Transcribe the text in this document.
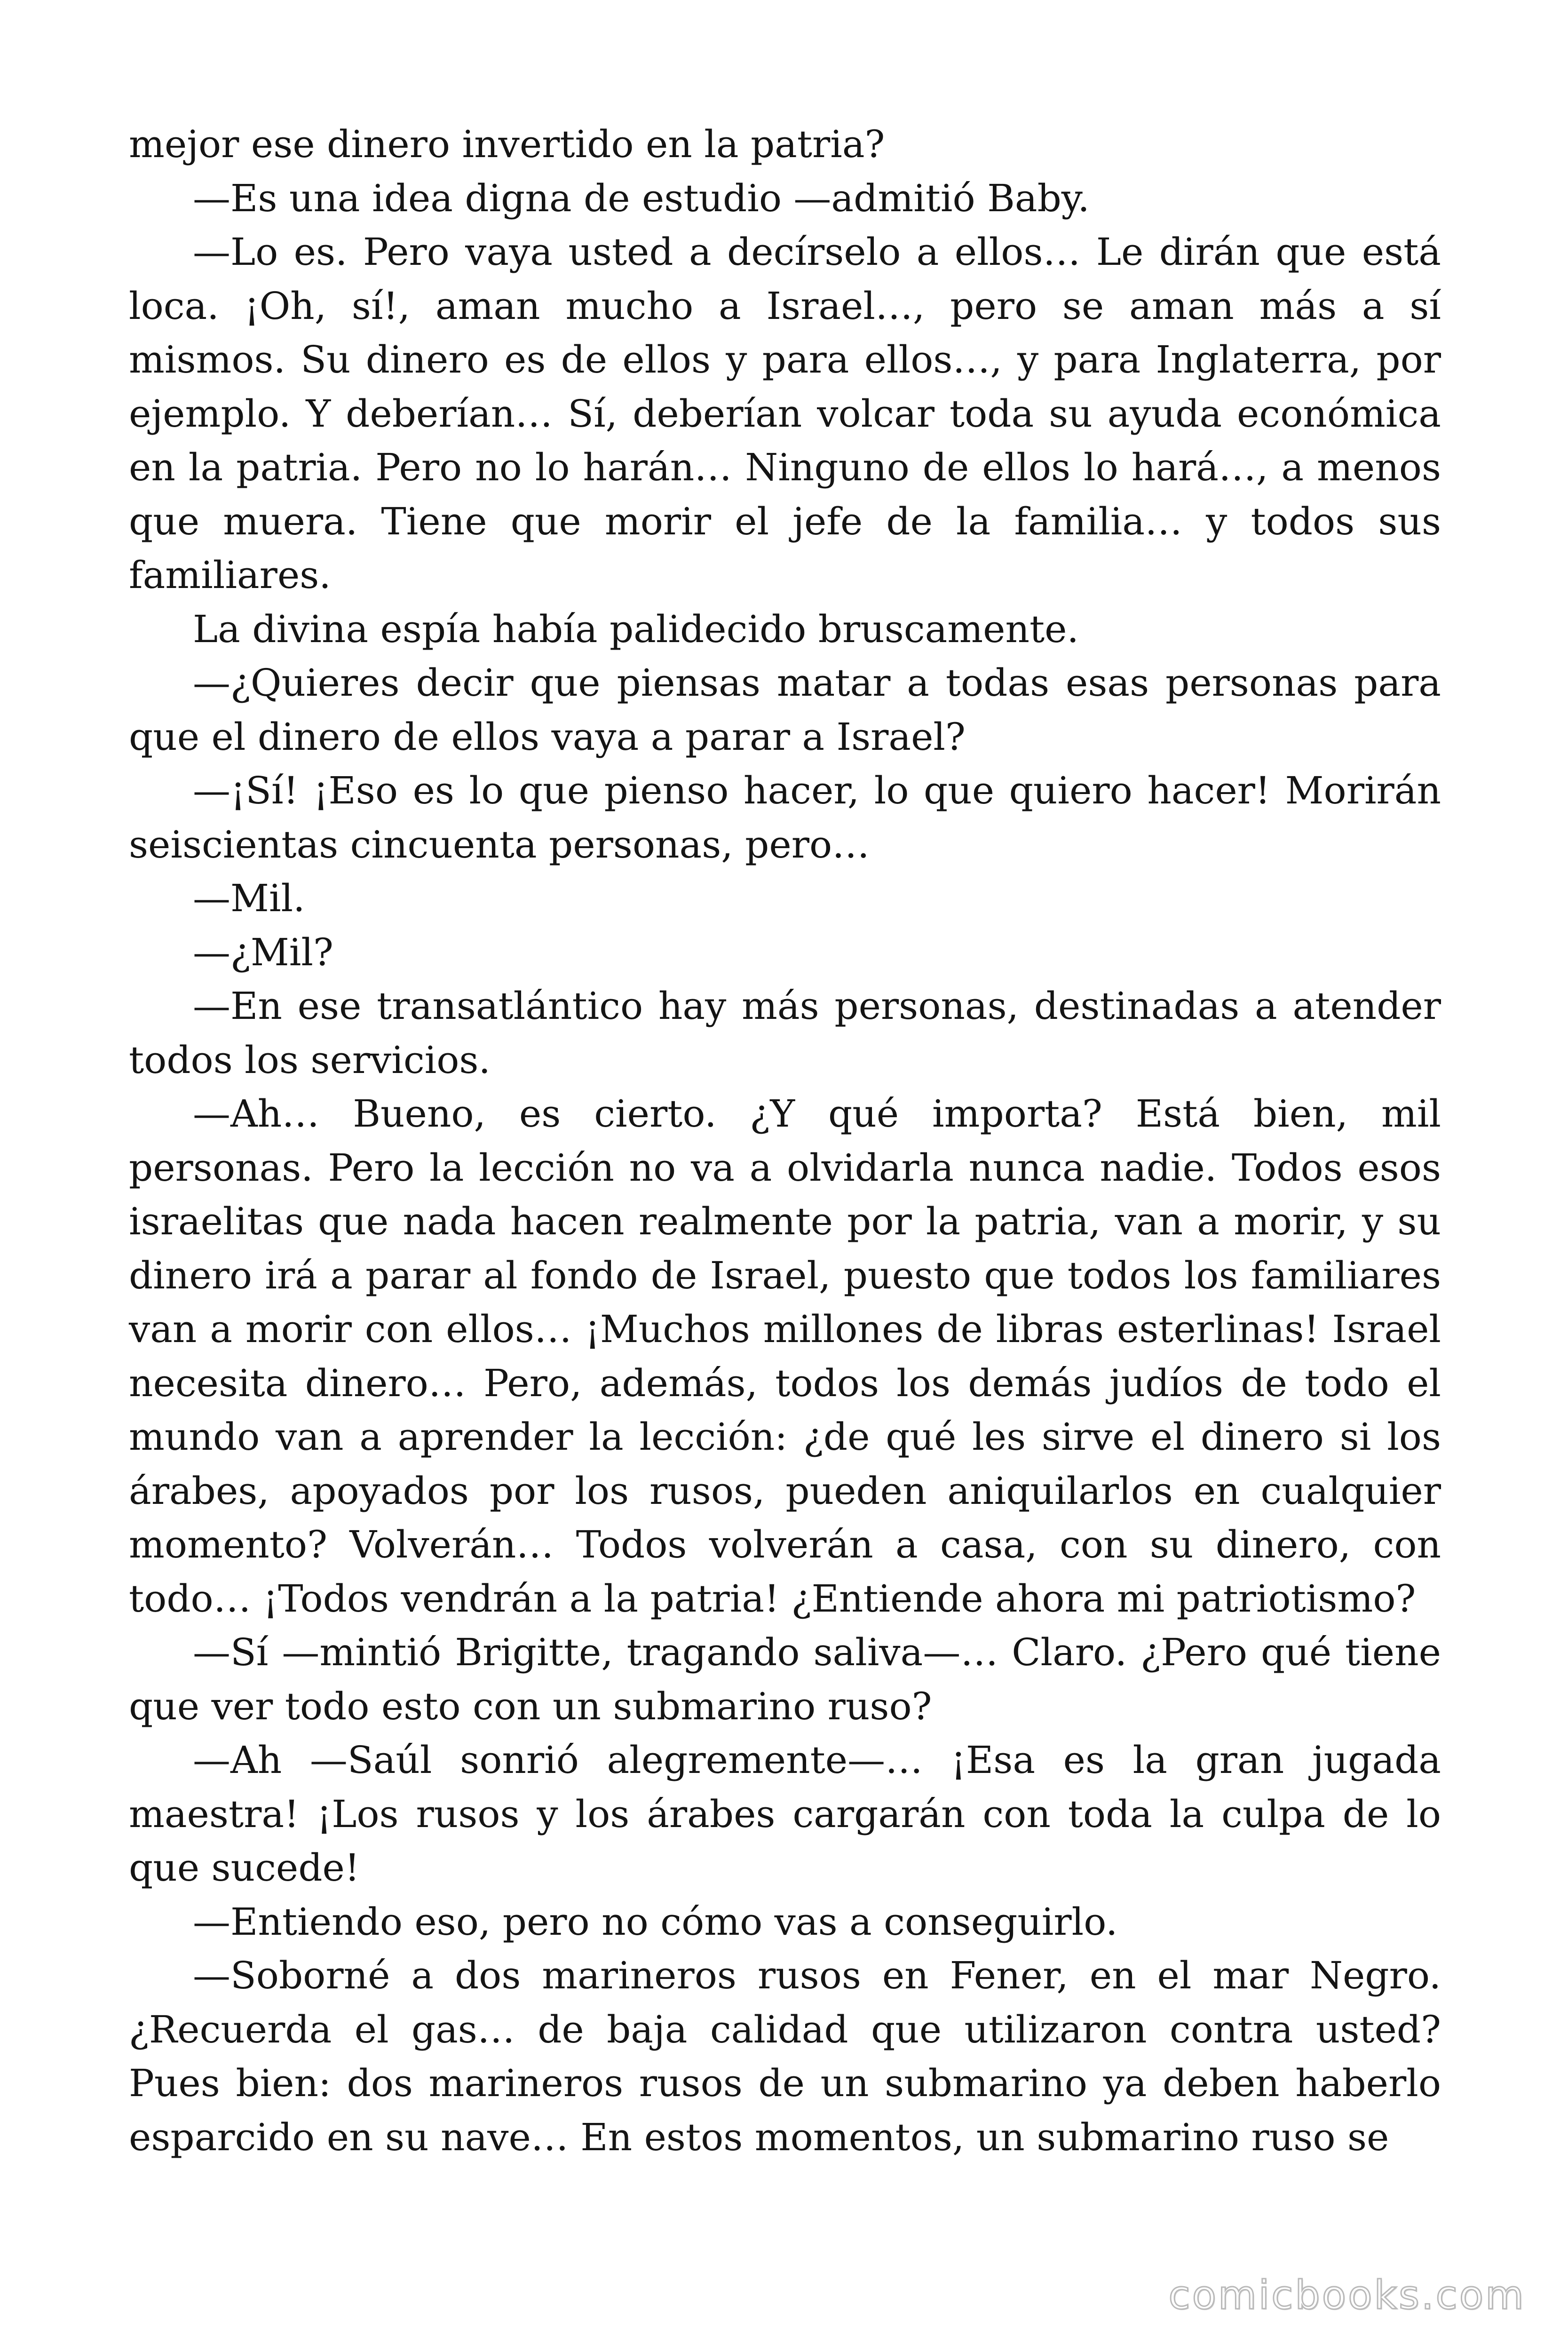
mejor ese dinero invertido en la patria?

—Es una idea digna de estudio —admitió Baby.

—Lo es. Pero vaya usted a decírselo a ellos… Le dirán que está loca. ¡Oh, sí!, aman mucho a Israel…, pero se aman más a sí mismos. Su dinero es de ellos y para ellos…, y para Inglaterra, por ejemplo. Y deberían… Sí, deberían volcar toda su ayuda económica en la patria. Pero no lo harán… Ninguno de ellos lo hará…, a menos que muera. Tiene que morir el jefe de la familia… y todos sus familiares.

La divina espía había palidecido bruscamente.

—¿Quieres decir que piensas matar a todas esas personas para que el dinero de ellos vaya a parar a Israel?

—¡Sí! ¡Eso es lo que pienso hacer, lo que quiero hacer! Morirán seiscientas cincuenta personas, pero…

—Mil.

—¿Mil?

—En ese transatlántico hay más personas, destinadas a atender todos los servicios.

—Ah… Bueno, es cierto. ¿Y qué importa? Está bien, mil personas. Pero la lección no va a olvidarla nunca nadie. Todos esos israelitas que nada hacen realmente por la patria, van a morir, y su dinero irá a parar al fondo de Israel, puesto que todos los familiares van a morir con ellos… ¡Muchos millones de libras esterlinas! Israel necesita dinero… Pero, además, todos los demás judíos de todo el mundo van a aprender la lección: ¿de qué les sirve el dinero si los árabes, apoyados por los rusos, pueden aniquilarlos en cualquier momento? Volverán… Todos volverán a casa, con su dinero, con todo… ¡Todos vendrán a la patria! ¿Entiende ahora mi patriotismo?

—Sí —mintió Brigitte, tragando saliva—… Claro. ¿Pero qué tiene que ver todo esto con un submarino ruso?

—Ah —Saúl sonrió alegremente—… ¡Esa es la gran jugada maestra! ¡Los rusos y los árabes cargarán con toda la culpa de lo que sucede!

—Entiendo eso, pero no cómo vas a conseguirlo.

—Soborné a dos marineros rusos en Fener, en el mar Negro. ¿Recuerda el gas… de baja calidad que utilizaron contra usted? Pues bien: dos marineros rusos de un submarino ya deben haberlo esparcido en su nave… En estos momentos, un submarino ruso se

comicbooks.com
